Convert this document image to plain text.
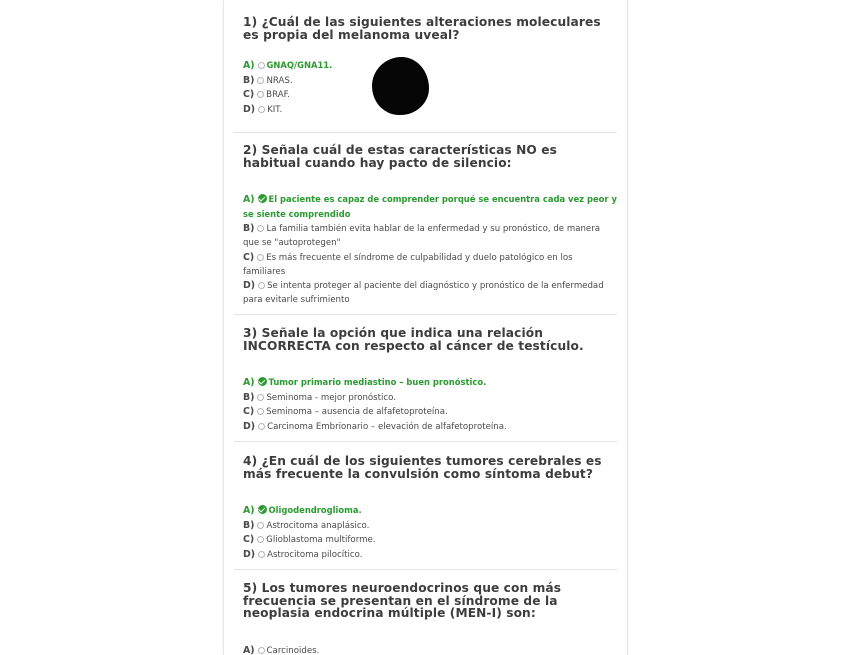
1) ¿Cuál de las siguientes alteraciones moleculares es propia del melanoma uveal?
A) GNAQ/GNA11.
B) NRAS.
C) BRAF.
D) KIT.
2) Señala cuál de estas características NO es habitual cuando hay pacto de silencio:
A) El paciente es capaz de comprender porqué se encuentra cada vez peor y se siente comprendido
B) La familia también evita hablar de la enfermedad y su pronóstico, de manera que se "autoprotegen"
C) Es más frecuente el síndrome de culpabilidad y duelo patológico en los familiares
D) Se intenta proteger al paciente del diagnóstico y pronóstico de la enfermedad para evitarle sufrimiento
3) Señale la opción que indica una relación INCORRECTA con respecto al cáncer de testículo.
A) Tumor primario mediastino – buen pronóstico.
B) Seminoma - mejor pronóstico.
C) Seminoma – ausencia de alfafetoproteína.
D) Carcinoma Embrionario – elevación de alfafetoproteína.
4) ¿En cuál de los siguientes tumores cerebrales es más frecuente la convulsión como síntoma debut?
A) Oligodendroglioma.
B) Astrocitoma anaplásico.
C) Glioblastoma multiforme.
D) Astrocitoma pilocítico.
5) Los tumores neuroendocrinos que con más frecuencia se presentan en el síndrome de la neoplasia endocrina múltiple (MEN-I) son:
A) Carcinoides.
